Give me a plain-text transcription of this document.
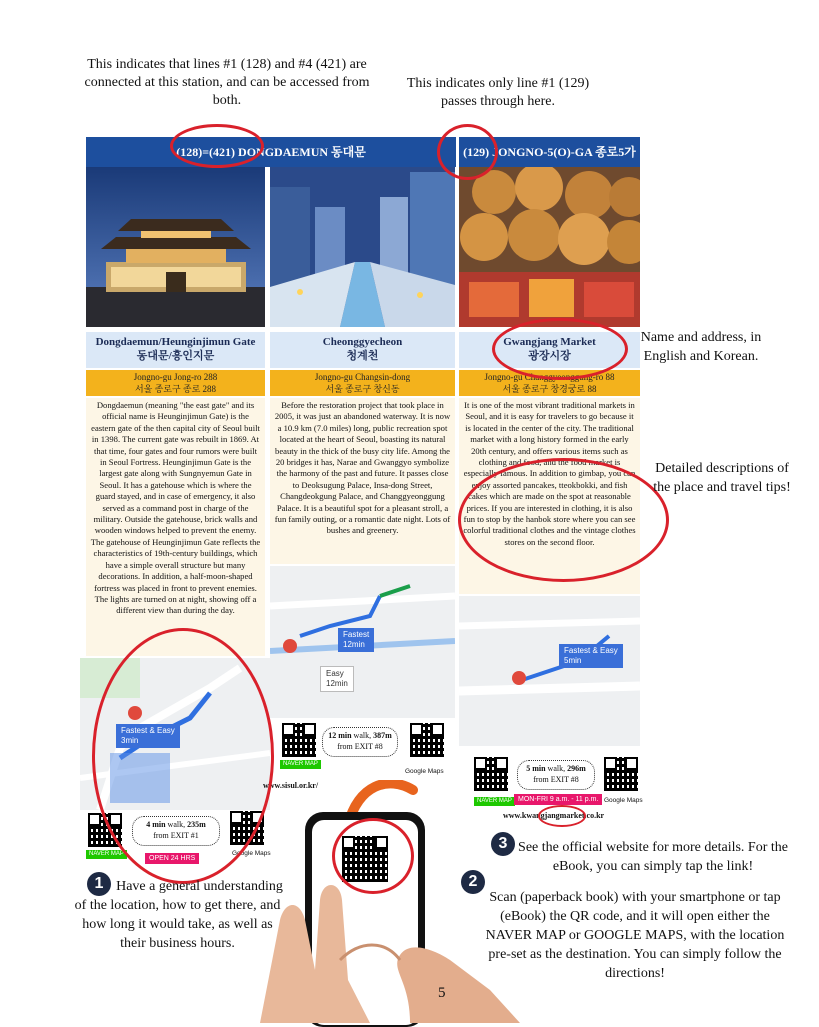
This indicates that lines #1 (128) and #4 (421) are connected at this station, and can be accessed from both.
This indicates only line #1 (129) passes through here.
(128)=(421) DONGDAEMUN 동대문	(129) JONGNO-5(O)-GA 종로5가
Dongdaemun/Heunginjimun Gate
동대문/흥인지문
Cheonggyecheon
청계천
Gwangjang Market
광장시장
Jongno-gu Jong-ro 288
서울 종로구 종로 288
Jongno-gu Changsin-dong
서울 종로구 창신동
Jongno-gu Changgyeonggung-ro 88
서울 종로구 창경궁로 88
Dongdaemun (meaning "the east gate" and its official name is Heunginjimun Gate) is the eastern gate of the then capital city of Seoul built in 1398. The current gate was rebuilt in 1869. At that time, four gates and four rumors were built in Seoul Fortress. Heunginjimun Gate is the largest gate along with Sungnyemun Gate in Seoul. It has a gatehouse which is where the guard stayed, and in case of emergency, it also served as a command post in charge of the military. Outside the gatehouse, brick walls and wooden windows helped to prevent the enemy. The gatehouse of Heunginjimun Gate reflects the characteristics of 19th-century buildings, which have a simple overall structure but many decorations. In addition, a half-moon-shaped fortress was placed in front to prevent enemies. The lights are turned on at night, showing off a different view than during the day.
Before the restoration project that took place in 2005, it was just an abandoned waterway. It is now a 10.9 km (7.0 miles) long, public recreation spot located at the heart of Seoul, boasting its natural beauty in the thick of the busy city life. Among the 20 bridges it has, Narae and Gwanggyo symbolize the harmony of the past and future. It passes close to Deoksugung Palace, Insa-dong Street, Changdeokgung Palace, and Changgyeonggung Palace. It is a beautiful spot for a pleasant stroll, a fun family outing, or a romantic date night. Lots of bushes and greenery.
It is one of the most vibrant traditional markets in Seoul, and it is easy for travelers to go because it is located in the center of the city. The traditional market with a long history formed in the early 20th century, and offers various items such as clothing and food, and the food market is especially famous. In addition to gimbap, you can enjoy assorted pancakes, tteokbokki, and fish cakes which are made on the spot at reasonable prices. If you are interested in clothing, it is also fun to stop by the hanbok store where you can see colorful traditional clothes and the vintage clothes stores on the second floor.
Fastest & Easy
3min
Fastest
12min
Easy
12min
Fastest & Easy
5min
NAVER MAP
4 min walk, 235m
from EXIT #1
Google Maps
OPEN 24 HRS
NAVER MAP
12 min walk, 387m
from EXIT #8
Google Maps
www.sisul.or.kr/
NAVER MAP
5 min walk, 296m
from EXIT #8
Google Maps
MON-FRI 9 a.m. - 11 p.m.
www.kwangjangmarket.co.kr
Name and address, in English and Korean.
Detailed descriptions of the place and travel tips!
5
1 Have a general understanding of the location, how to get there, and how long it would take, as well as their business hours.
3 See the official website for more details. For the eBook, you can simply tap the link!
2
Scan (paperback book) with your smartphone or tap (eBook) the QR code, and it will open either the NAVER MAP or GOOGLE MAPS, with the location pre-set as the destination. You can simply follow the directions!
